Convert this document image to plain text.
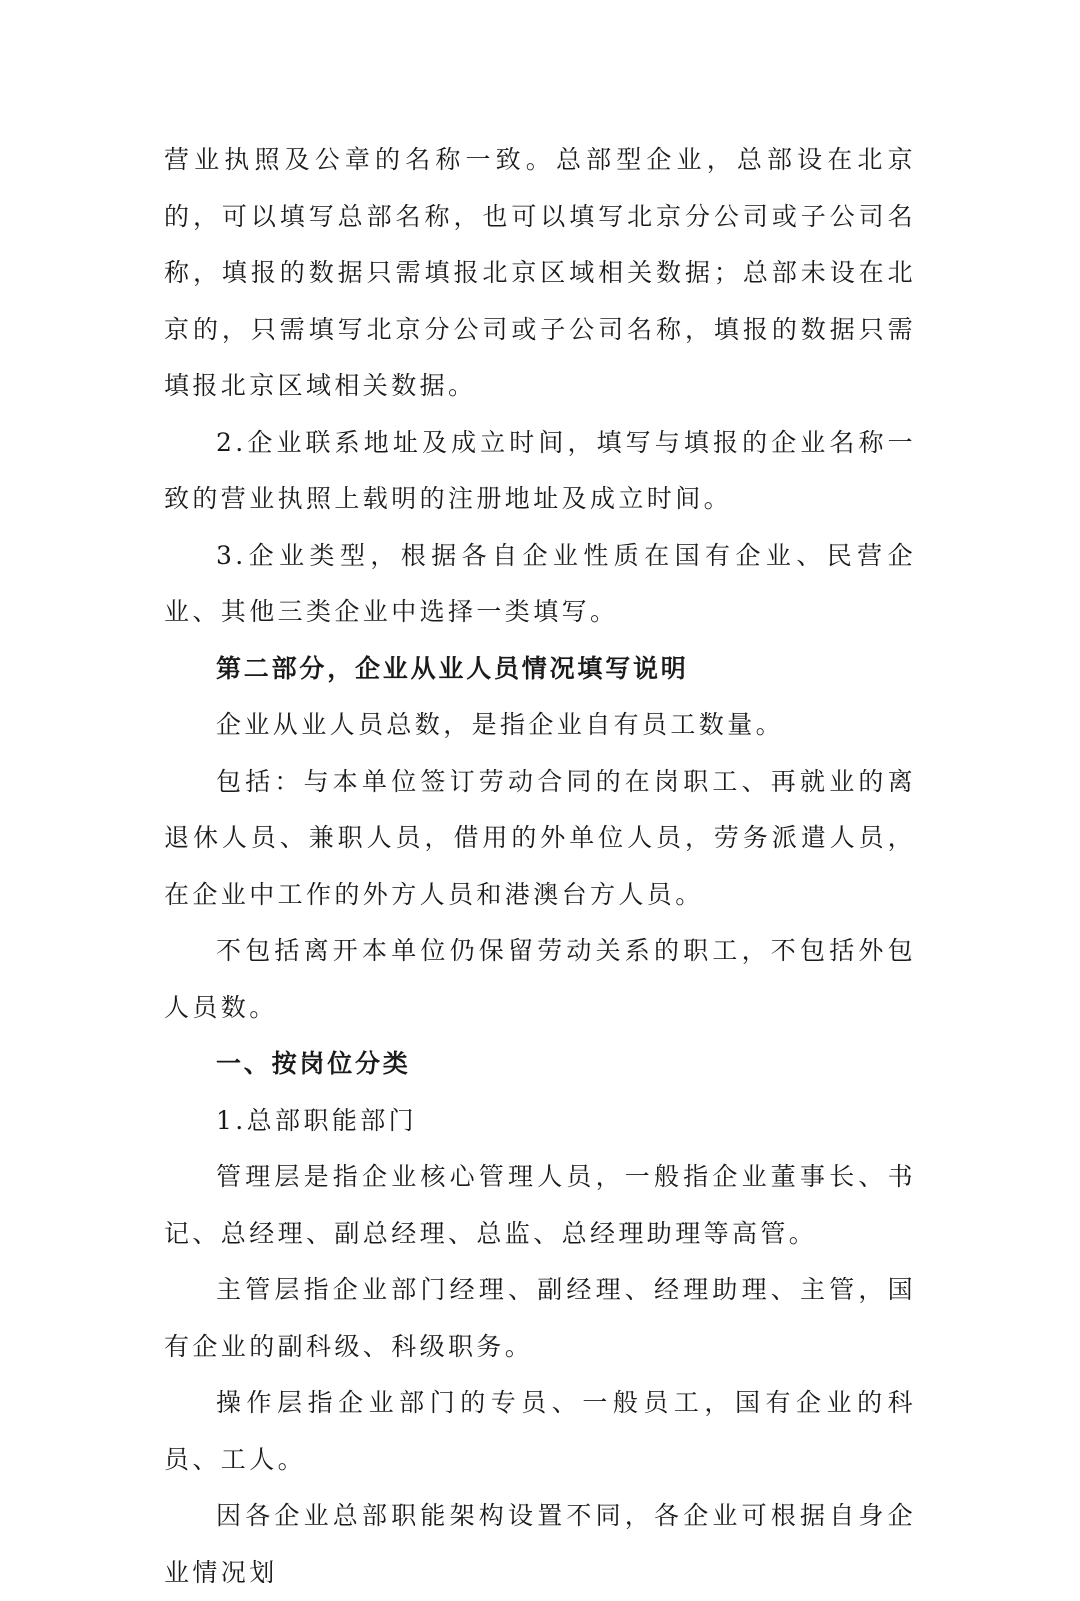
营业执照及公章的名称一致。总部型企业，总部设在北京的，可以填写总部名称，也可以填写北京分公司或子公司名称，填报的数据只需填报北京区域相关数据；总部未设在北京的，只需填写北京分公司或子公司名称，填报的数据只需填报北京区域相关数据。

2.企业联系地址及成立时间，填写与填报的企业名称一致的营业执照上载明的注册地址及成立时间。

3.企业类型，根据各自企业性质在国有企业、民营企业、其他三类企业中选择一类填写。

第二部分，企业从业人员情况填写说明

企业从业人员总数，是指企业自有员工数量。

包括：与本单位签订劳动合同的在岗职工、再就业的离退休人员、兼职人员，借用的外单位人员，劳务派遣人员，在企业中工作的外方人员和港澳台方人员。

不包括离开本单位仍保留劳动关系的职工，不包括外包人员数。

一、按岗位分类

1.总部职能部门

管理层是指企业核心管理人员，一般指企业董事长、书记、总经理、副总经理、总监、总经理助理等高管。

主管层指企业部门经理、副经理、经理助理、主管，国有企业的副科级、科级职务。

操作层指企业部门的专员、一般员工，国有企业的科员、工人。

因各企业总部职能架构设置不同，各企业可根据自身企业情况划
